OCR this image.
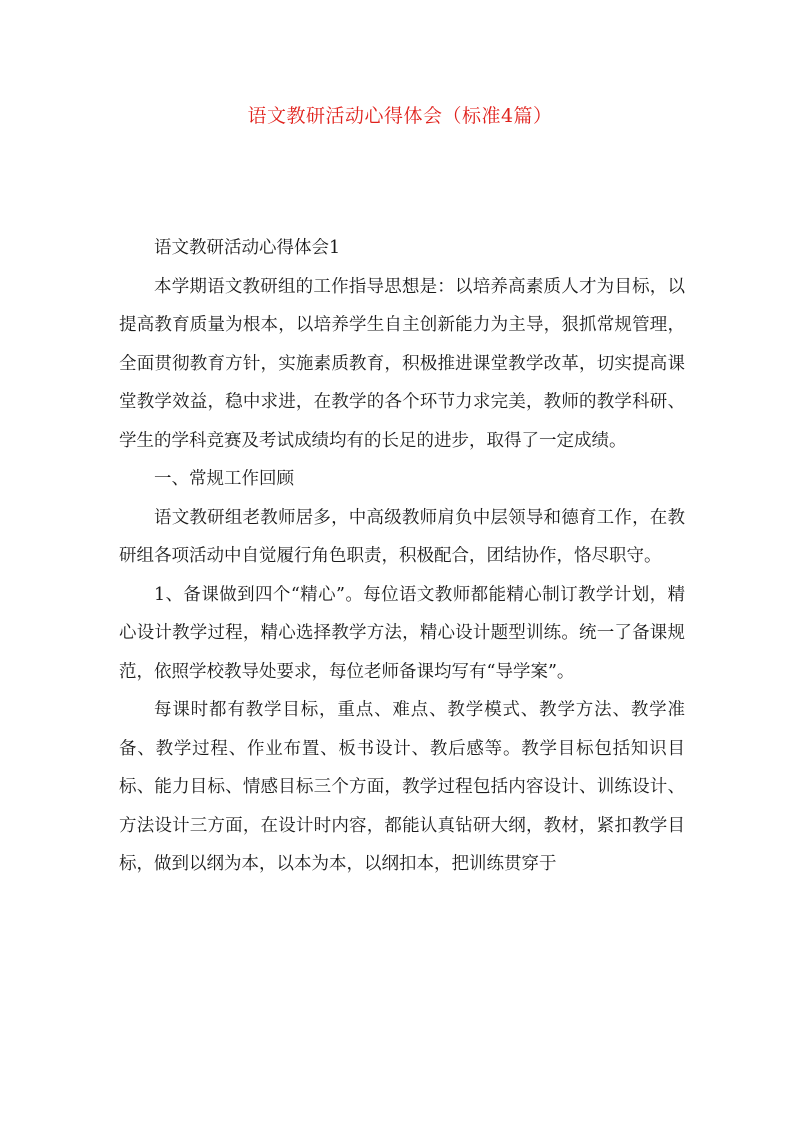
语文教研活动心得体会（标准4篇）

语文教研活动心得体会1

本学期语文教研组的工作指导思想是：以培养高素质人才为目标，以提高教育质量为根本，以培养学生自主创新能力为主导，狠抓常规管理，全面贯彻教育方针，实施素质教育，积极推进课堂教学改革，切实提高课堂教学效益，稳中求进，在教学的各个环节力求完美，教师的教学科研、学生的学科竞赛及考试成绩均有的长足的进步，取得了一定成绩。

一、常规工作回顾

语文教研组老教师居多，中高级教师肩负中层领导和德育工作，在教研组各项活动中自觉履行角色职责，积极配合，团结协作，恪尽职守。

1、备课做到四个“精心”。每位语文教师都能精心制订教学计划，精心设计教学过程，精心选择教学方法，精心设计题型训练。统一了备课规范，依照学校教导处要求，每位老师备课均写有“导学案”。

每课时都有教学目标，重点、难点、教学模式、教学方法、教学准备、教学过程、作业布置、板书设计、教后感等。教学目标包括知识目标、能力目标、情感目标三个方面，教学过程包括内容设计、训练设计、方法设计三方面，在设计时内容，都能认真钻研大纲，教材，紧扣教学目标，做到以纲为本，以本为本，以纲扣本，把训练贯穿于
